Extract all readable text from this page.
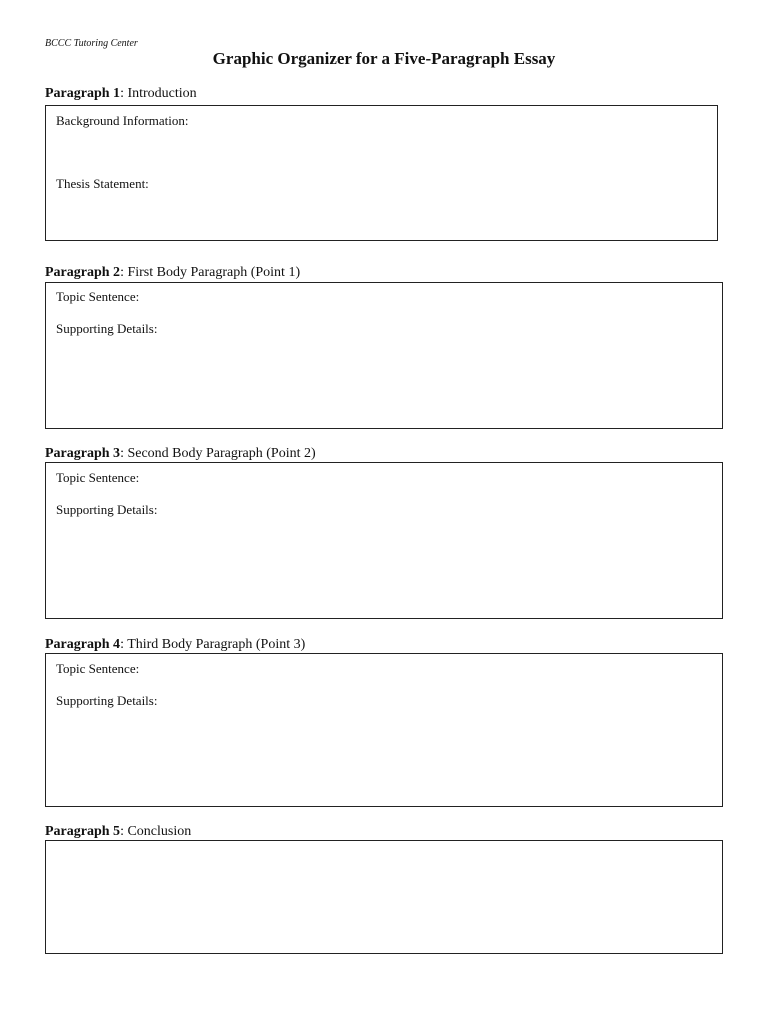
BCCC Tutoring Center
Graphic Organizer for a Five-Paragraph Essay
Paragraph 1: Introduction
Background Information:
Thesis Statement:
Paragraph 2: First Body Paragraph (Point 1)
Topic Sentence:
Supporting Details:
Paragraph 3: Second Body Paragraph (Point 2)
Topic Sentence:
Supporting Details:
Paragraph 4: Third Body Paragraph (Point 3)
Topic Sentence:
Supporting Details:
Paragraph 5: Conclusion
